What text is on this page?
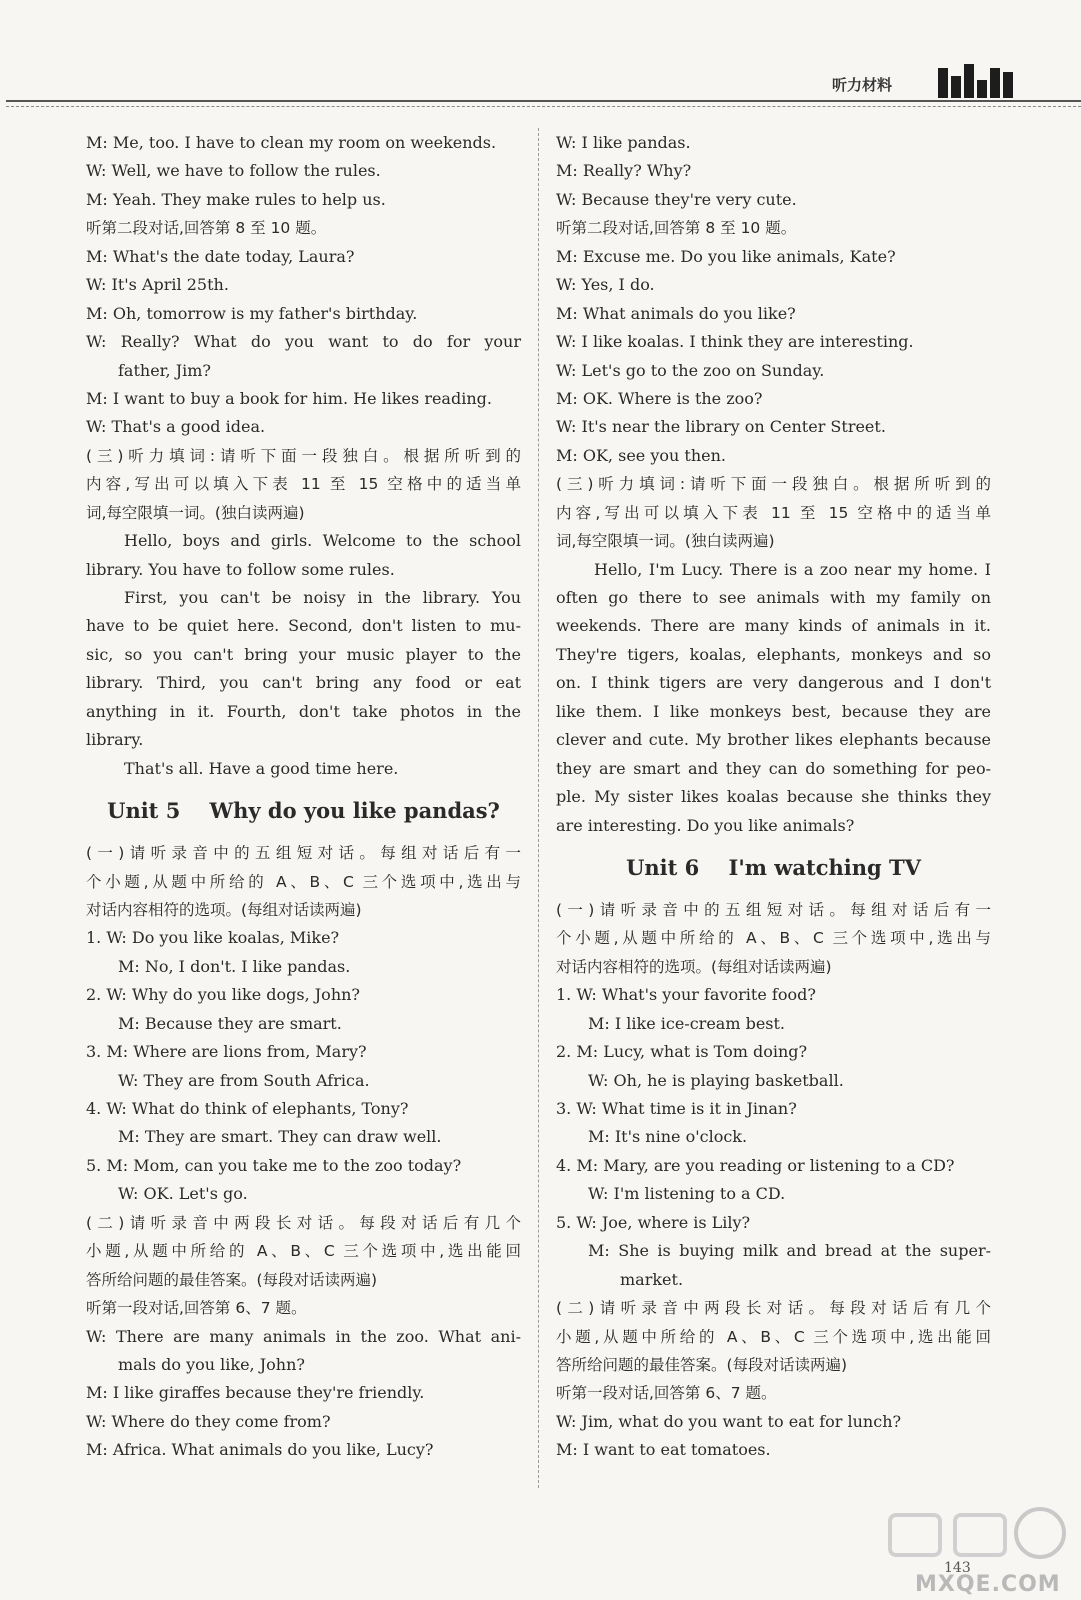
听力材料
M: Me, too. I have to clean my room on weekends.
W: Well, we have to follow the rules.
M: Yeah. They make rules to help us.
听第二段对话,回答第 8 至 10 题。
M: What's the date today, Laura?
W: It's April 25th.
M: Oh, tomorrow is my father's birthday.
W: Really? What do you want to do for your
father, Jim?
M: I want to buy a book for him. He likes reading.
W: That's a good idea.
(三)听力填词:请听下面一段独白。根据所听到的
内容,写出可以填入下表 11 至 15 空格中的适当单
词,每空限填一词。(独白读两遍)
Hello, boys and girls. Welcome to the school
library. You have to follow some rules.
First, you can't be noisy in the library. You
have to be quiet here. Second, don't listen to mu-
sic, so you can't bring your music player to the
library. Third, you can't bring any food or eat
anything in it. Fourth, don't take photos in the
library.
That's all. Have a good time here.
Unit 5    Why do you like pandas?
(一)请听录音中的五组短对话。每组对话后有一
个小题,从题中所给的 A、B、C 三个选项中,选出与
对话内容相符的选项。(每组对话读两遍)
1. W: Do you like koalas, Mike?
M: No, I don't. I like pandas.
2. W: Why do you like dogs, John?
M: Because they are smart.
3. M: Where are lions from, Mary?
W: They are from South Africa.
4. W: What do think of elephants, Tony?
M: They are smart. They can draw well.
5. M: Mom, can you take me to the zoo today?
W: OK. Let's go.
(二)请听录音中两段长对话。每段对话后有几个
小题,从题中所给的 A、B、C 三个选项中,选出能回
答所给问题的最佳答案。(每段对话读两遍)
听第一段对话,回答第 6、7 题。
W: There are many animals in the zoo. What ani-
mals do you like, John?
M: I like giraffes because they're friendly.
W: Where do they come from?
M: Africa. What animals do you like, Lucy?
W: I like pandas.
M: Really? Why?
W: Because they're very cute.
听第二段对话,回答第 8 至 10 题。
M: Excuse me. Do you like animals, Kate?
W: Yes, I do.
M: What animals do you like?
W: I like koalas. I think they are interesting.
W: Let's go to the zoo on Sunday.
M: OK. Where is the zoo?
W: It's near the library on Center Street.
M: OK, see you then.
(三)听力填词:请听下面一段独白。根据所听到的
内容,写出可以填入下表 11 至 15 空格中的适当单
词,每空限填一词。(独白读两遍)
Hello, I'm Lucy. There is a zoo near my home. I
often go there to see animals with my family on
weekends. There are many kinds of animals in it.
They're tigers, koalas, elephants, monkeys and so
on. I think tigers are very dangerous and I don't
like them. I like monkeys best, because they are
clever and cute. My brother likes elephants because
they are smart and they can do something for peo-
ple. My sister likes koalas because she thinks they
are interesting. Do you like animals?
Unit 6    I'm watching TV
(一)请听录音中的五组短对话。每组对话后有一
个小题,从题中所给的 A、B、C 三个选项中,选出与
对话内容相符的选项。(每组对话读两遍)
1. W: What's your favorite food?
M: I like ice-cream best.
2. M: Lucy, what is Tom doing?
W: Oh, he is playing basketball.
3. W: What time is it in Jinan?
M: It's nine o'clock.
4. M: Mary, are you reading or listening to a CD?
W: I'm listening to a CD.
5. W: Joe, where is Lily?
M: She is buying milk and bread at the super-
market.
(二)请听录音中两段长对话。每段对话后有几个
小题,从题中所给的 A、B、C 三个选项中,选出能回
答所给问题的最佳答案。(每段对话读两遍)
听第一段对话,回答第 6、7 题。
W: Jim, what do you want to eat for lunch?
M: I want to eat tomatoes.
143
MXQE.COM
